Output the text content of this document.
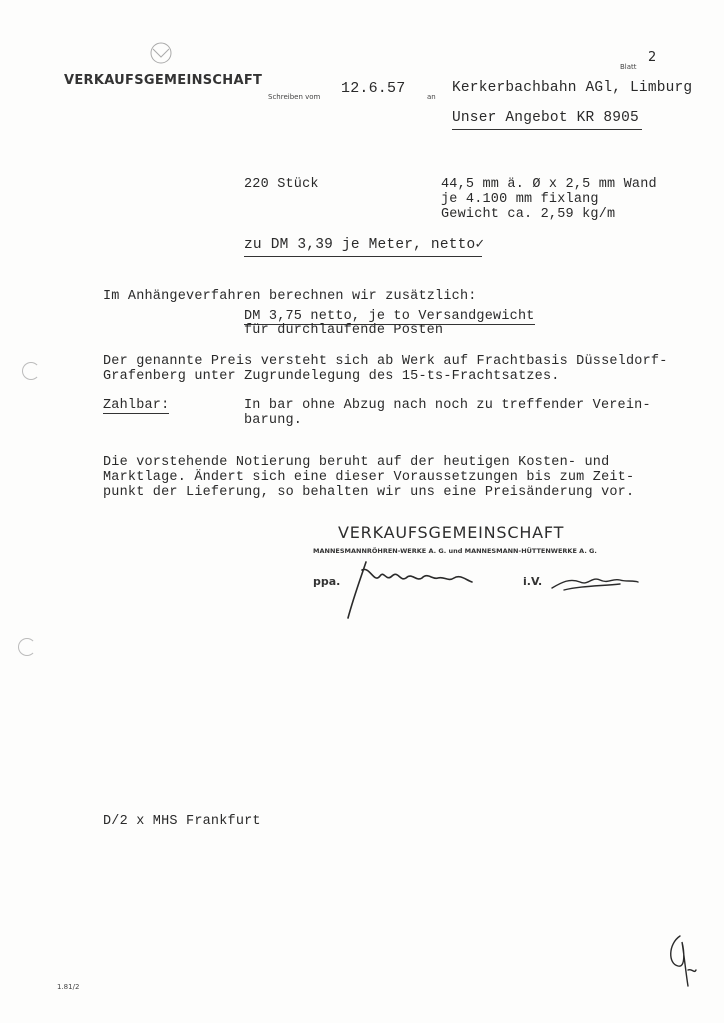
VERKAUFSGEMEINSCHAFT
Schreiben vom 12.6.57	an
Kerkerbachbahn AGl, Limburg
Blatt
2
Unser Angebot KR 8905
220 Stück	44,5 mm ä. Ø x 2,5 mm Wand
je 4.100 mm fixlang
Gewicht ca. 2,59 kg/m
zu DM 3,39 je Meter, netto✓
Im Anhängeverfahren berechnen wir zusätzlich:
DM 3,75 netto, je to Versandgewicht
für durchlaufende Posten
Der genannte Preis versteht sich ab Werk auf Frachtbasis Düsseldorf-
Grafenberg unter Zugrundelegung des 15-ts-Frachtsatzes.
Zahlbar:	In bar ohne Abzug nach noch zu treffender Verein-
barung.
Die vorstehende Notierung beruht auf der heutigen Kosten- und
Marktlage. Ändert sich eine dieser Voraussetzungen bis zum Zeit-
punkt der Lieferung, so behalten wir uns eine Preisänderung vor.
VERKAUFSGEMEINSCHAFT
MANNESMANNRÖHREN-WERKE A. G. und MANNESMANN-HÜTTENWERKE A. G.
ppa.	i.V.
D/2 x MHS Frankfurt
1.81/2
